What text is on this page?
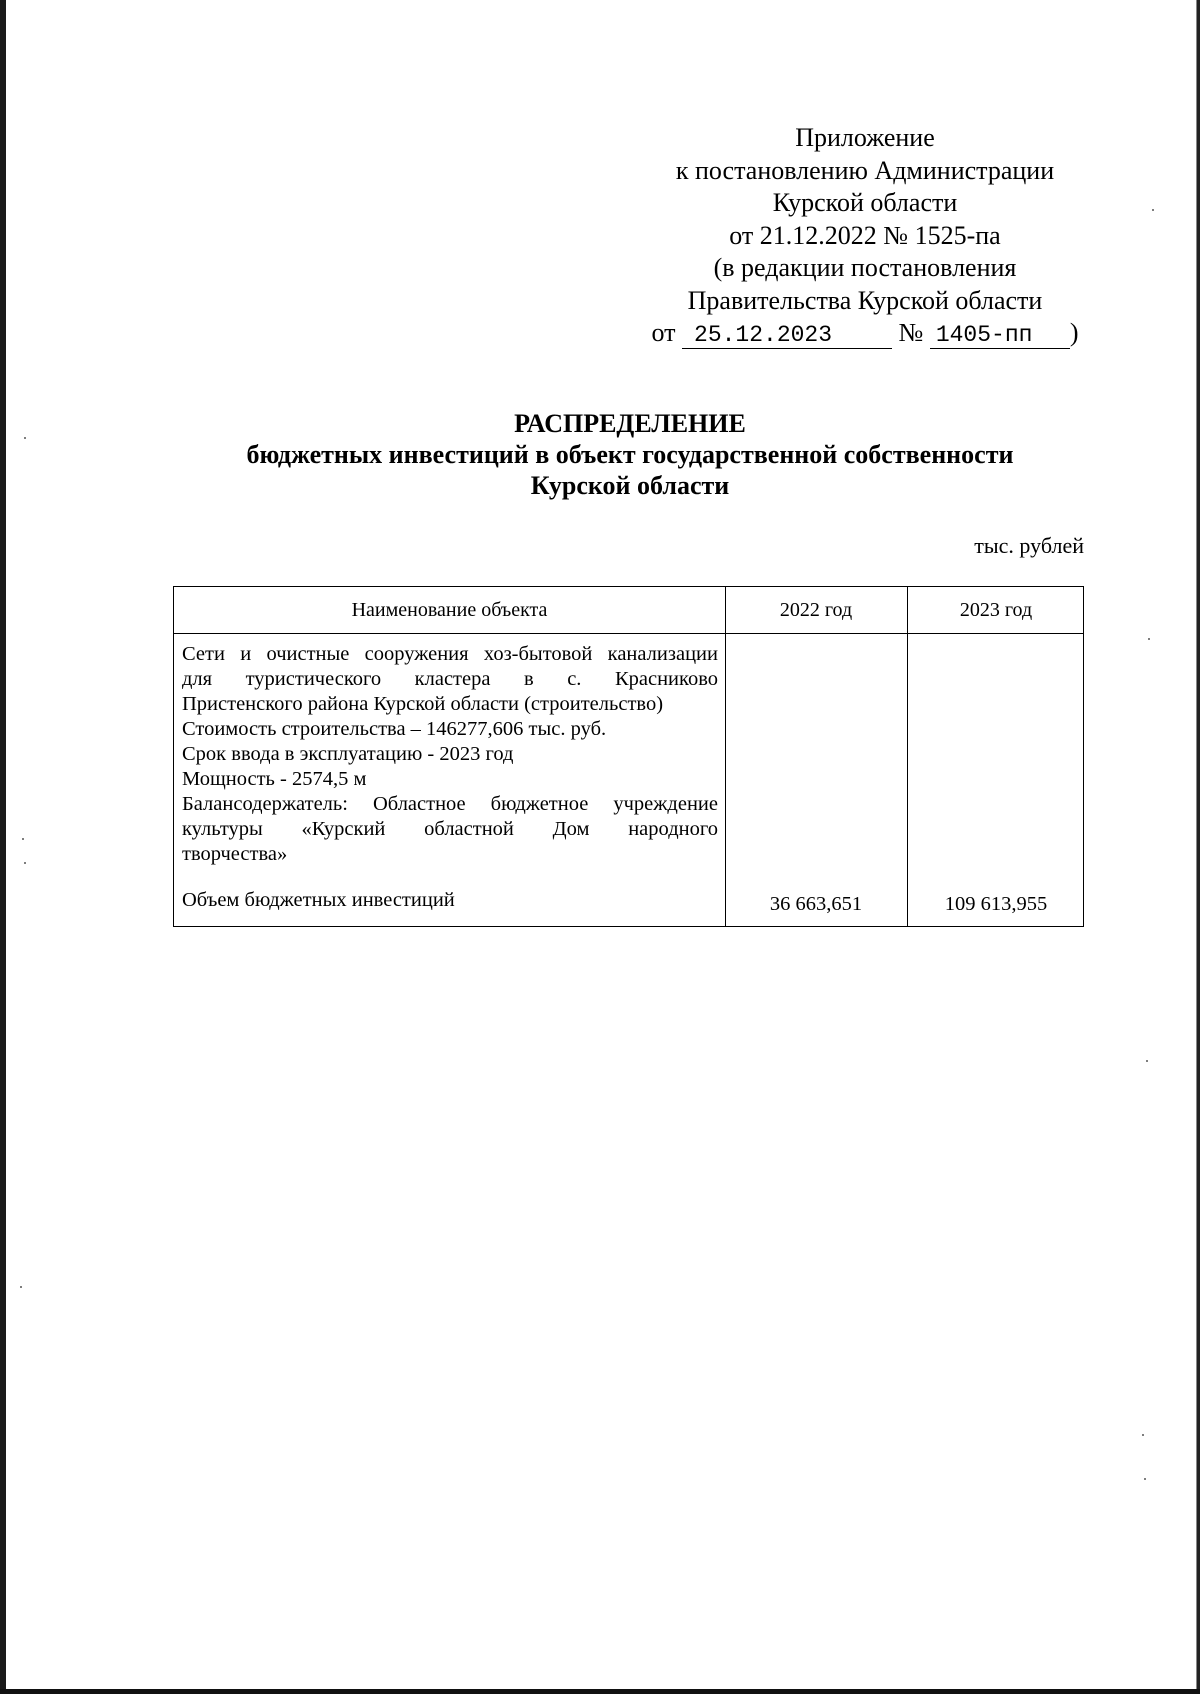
Приложение
к постановлению Администрации
Курской области
от 21.12.2022 № 1525-па
(в редакции постановления
Правительства Курской области
от 25.12.2023	№ 1405-пп )
РАСПРЕДЕЛЕНИЕ
бюджетных инвестиций в объект государственной собственности
Курской области
тыс. рублей
Наименование объекта	2022 год	2023 год
Сети и очистные сооружения хоз-бытовой канализации
для туристического кластера в с. Красниково
Пристенского района Курской области (строительство)
Стоимость строительства – 146277,606 тыс. руб.
Срок ввода в эксплуатацию - 2023 год
Мощность - 2574,5 м
Балансодержатель: Областное бюджетное учреждение
культуры «Курский областной Дом народного
творчества»
Объем бюджетных инвестиций	36 663,651	109 613,955
